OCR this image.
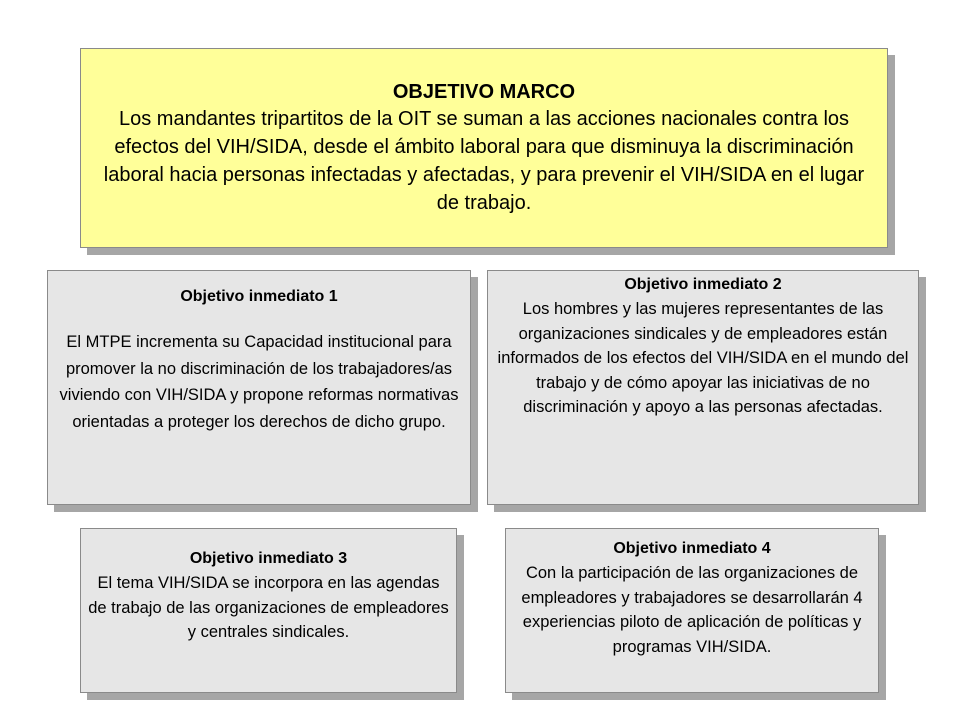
OBJETIVO MARCO
Los mandantes tripartitos de la OIT se suman a las acciones nacionales contra los efectos del VIH/SIDA, desde el ámbito laboral para que disminuya la discriminación laboral hacia personas infectadas y afectadas, y para prevenir el VIH/SIDA en el lugar de trabajo.
Objetivo inmediato 1
El MTPE incrementa su Capacidad institucional para promover la no discriminación de los trabajadores/as viviendo con VIH/SIDA y propone reformas normativas orientadas a proteger los derechos de dicho grupo.
Objetivo inmediato 2
Los hombres y las mujeres representantes de las organizaciones sindicales y de empleadores están informados de los efectos del VIH/SIDA en el mundo del trabajo y de cómo apoyar las iniciativas de no discriminación y apoyo a las personas afectadas.
Objetivo inmediato 3
El tema VIH/SIDA se incorpora en las agendas de trabajo de las organizaciones de empleadores y centrales sindicales.
Objetivo inmediato 4
Con la participación de las organizaciones de empleadores y trabajadores se desarrollarán 4 experiencias piloto de aplicación de políticas y programas VIH/SIDA.
